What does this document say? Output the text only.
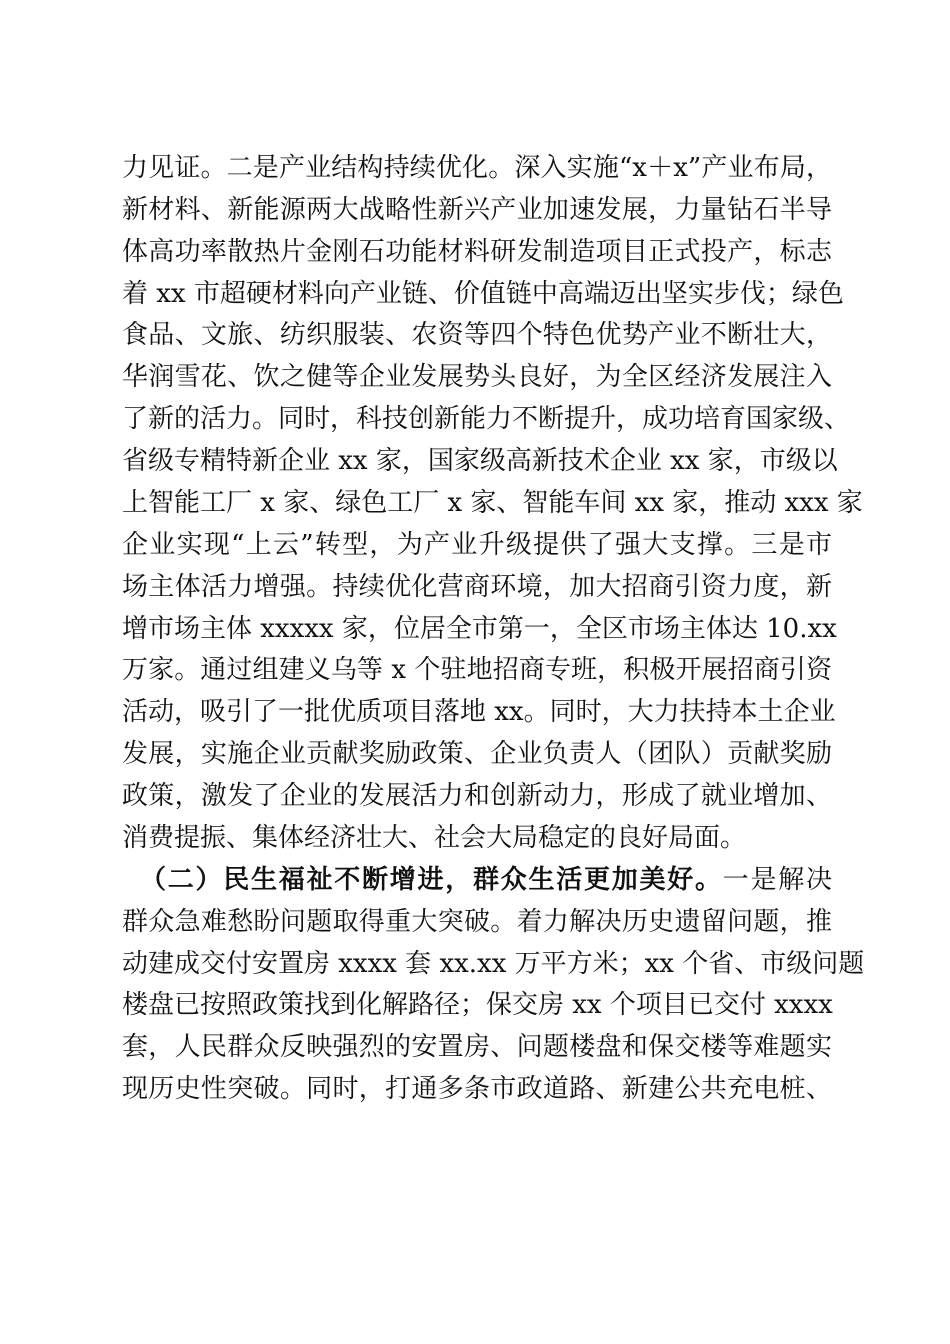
力见证。二是产业结构持续优化。深入实施“x＋x”产业布局，
新材料、新能源两大战略性新兴产业加速发展，力量钻石半导
体高功率散热片金刚石功能材料研发制造项目正式投产，标志
着 xx 市超硬材料向产业链、价值链中高端迈出坚实步伐；绿色
食品、文旅、纺织服装、农资等四个特色优势产业不断壮大，
华润雪花、饮之健等企业发展势头良好，为全区经济发展注入
了新的活力。同时，科技创新能力不断提升，成功培育国家级、
省级专精特新企业 xx 家，国家级高新技术企业 xx 家，市级以
上智能工厂 x 家、绿色工厂 x 家、智能车间 xx 家，推动 xxx 家
企业实现“上云”转型，为产业升级提供了强大支撑。三是市
场主体活力增强。持续优化营商环境，加大招商引资力度，新
增市场主体 xxxxx 家，位居全市第一，全区市场主体达 10.xx
万家。通过组建义乌等 x 个驻地招商专班，积极开展招商引资
活动，吸引了一批优质项目落地 xx。同时，大力扶持本土企业
发展，实施企业贡献奖励政策、企业负责人（团队）贡献奖励
政策，激发了企业的发展活力和创新动力，形成了就业增加、
消费提振、集体经济壮大、社会大局稳定的良好局面。
（二）民生福祉不断增进，群众生活更加美好。一是解决
群众急难愁盼问题取得重大突破。着力解决历史遗留问题，推
动建成交付安置房 xxxx 套 xx.xx 万平方米；xx 个省、市级问题
楼盘已按照政策找到化解路径；保交房 xx 个项目已交付 xxxx
套，人民群众反映强烈的安置房、问题楼盘和保交楼等难题实
现历史性突破。同时，打通多条市政道路、新建公共充电桩、
